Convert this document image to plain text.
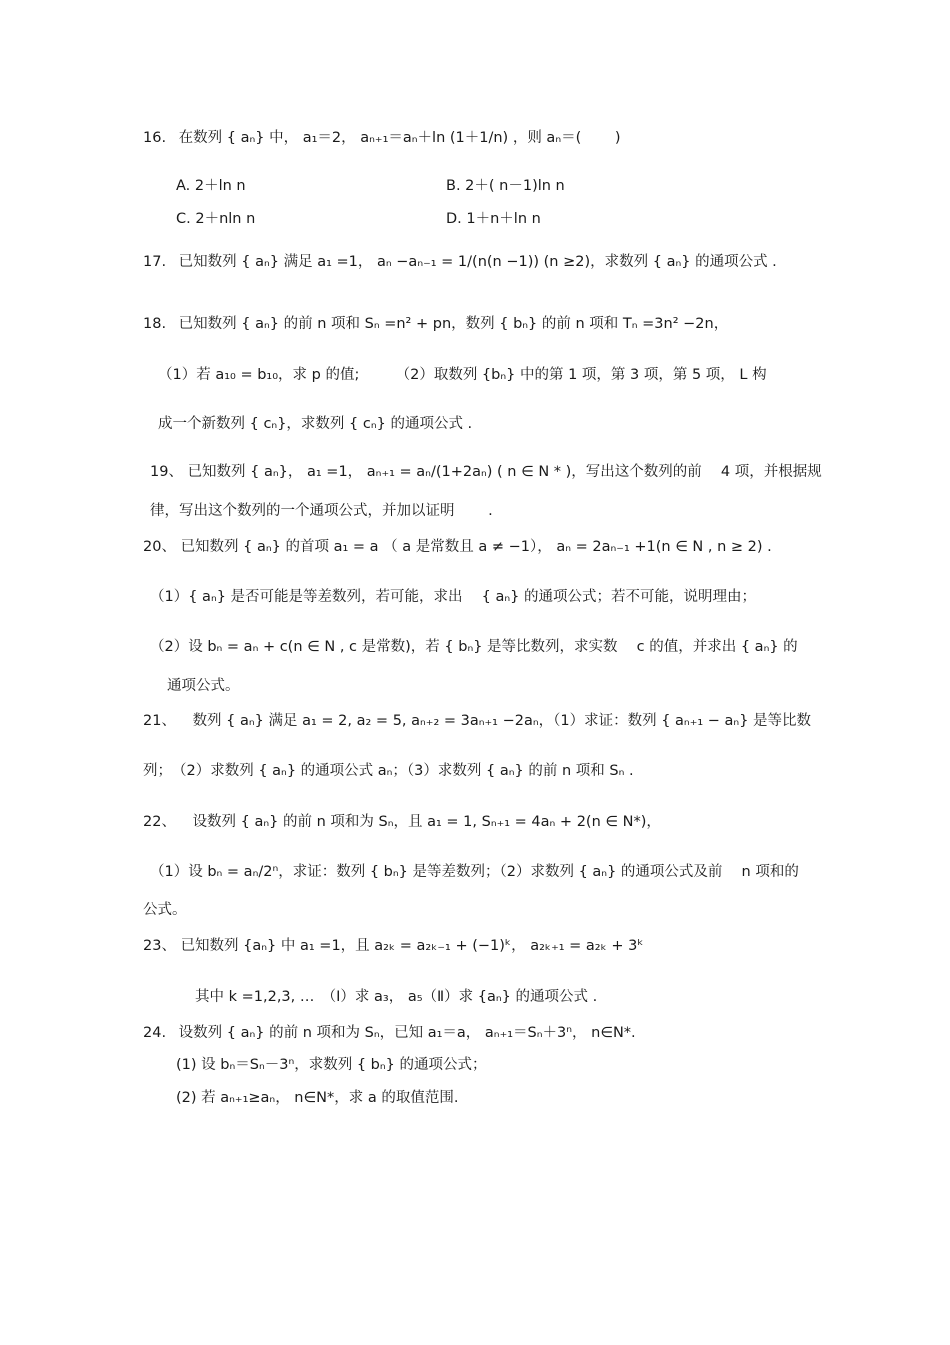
16. 在数列 { aₙ} 中， a₁＝2， aₙ₊₁＝aₙ＋ln (1＋1/n) ，则 aₙ＝(　　 )
A. 2＋ln n	B. 2＋( n－1)ln n
C. 2＋nln n	D. 1＋n＋ln n
17. 已知数列 { aₙ} 满足 a₁ =1， aₙ −aₙ₋₁ = 1/(n(n −1)) (n ≥2)，求数列 { aₙ} 的通项公式 .
18. 已知数列 { aₙ} 的前 n 项和 Sₙ =n² + pn，数列 { bₙ} 的前 n 项和 Tₙ =3n² −2n，
（1）若 a₁₀ = b₁₀，求 p 的值;　　　（2）取数列 {bₙ} 中的第 1 项，第 3 项，第 5 项， L 构
成一个新数列 { cₙ}，求数列 { cₙ} 的通项公式 .
19、 已知数列 { aₙ}， a₁ =1， aₙ₊₁ = aₙ/(1+2aₙ) ( n ∈ N * )，写出这个数列的前　 4 项，并根据规
律，写出这个数列的一个通项公式，并加以证明　　 .
20、 已知数列 { aₙ} 的首项 a₁ = a （ a 是常数且 a ≠ −1）， aₙ = 2aₙ₋₁ +1(n ∈ N , n ≥ 2) .
（1）{ aₙ} 是否可能是等差数列，若可能，求出　 { aₙ} 的通项公式；若不可能，说明理由；
（2）设 bₙ = aₙ + c(n ∈ N , c 是常数)，若 { bₙ} 是等比数列，求实数　 c 的值，并求出 { aₙ} 的
通项公式。
21、 数列 { aₙ} 满足 a₁ = 2, a₂ = 5, aₙ₊₂ = 3aₙ₊₁ −2aₙ，（1）求证：数列 { aₙ₊₁ − aₙ} 是等比数
列；　（2）求数列 { aₙ} 的通项公式 aₙ；（3）求数列 { aₙ} 的前 n 项和 Sₙ .
22、 设数列 { aₙ} 的前 n 项和为 Sₙ，且 a₁ = 1, Sₙ₊₁ = 4aₙ + 2(n ∈ N*)，
（1）设 bₙ = aₙ/2ⁿ，求证：数列 { bₙ} 是等差数列；（2）求数列 { aₙ} 的通项公式及前　 n 项和的
公式。
23、 已知数列 {aₙ} 中 a₁ =1，且 a₂ₖ = a₂ₖ₋₁ + (−1)ᵏ， a₂ₖ₊₁ = a₂ₖ + 3ᵏ
其中 k =1,2,3, …　（Ⅰ）求 a₃， a₅（Ⅱ）求 {aₙ} 的通项公式 .
24. 设数列 { aₙ} 的前 n 项和为 Sₙ，已知 a₁＝a， aₙ₊₁＝Sₙ＋3ⁿ， n∈N*.
(1) 设 bₙ＝Sₙ－3ⁿ，求数列 { bₙ} 的通项公式；
(2) 若 aₙ₊₁≥aₙ， n∈N*，求 a 的取值范围.
